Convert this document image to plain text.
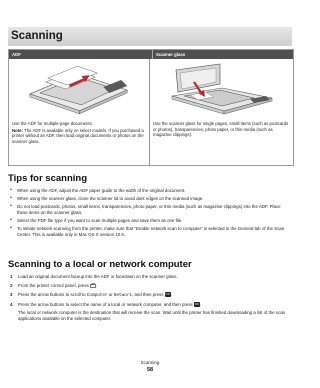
Scanning
ADF	Scanner glass

Use the ADF for multiple-page documents.

Note: The ADF is available only on select models. If you purchased a printer without an ADF, then load original documents or photos on the scanner glass.

Use the scanner glass for single pages, small items (such as postcards or photos), transparencies, photo paper, or thin media (such as magazine clippings).

Tips for scanning
• When using the ADF, adjust the ADF paper guide to the width of the original document.
• When using the scanner glass, close the scanner lid to avoid dark edges on the scanned image.
• Do not load postcards, photos, small items, transparencies, photo paper, or thin media (such as magazine clippings) into the ADF. Place these items on the scanner glass.
• Select the PDF file type if you want to scan multiple pages and save them as one file.
• To initiate network scanning from the printer, make sure that "Enable network scan to computer" is selected in the General tab of the Scan Center. This is available only in Mac OS X version 10.6.
Scanning to a local or network computer
1 Load an original document faceup into the ADF or facedown on the scanner glass.
2 From the printer control panel, press .
3 Press the arrow buttons to scroll to Computer or Network, and then press OK.
4 Press the arrow buttons to select the name of a local or network computer, and then press OK.
The local or network computer is the destination that will receive the scan. Wait until the printer has finished downloading a list of the scan applications available on the selected computer.
Scanning
58
